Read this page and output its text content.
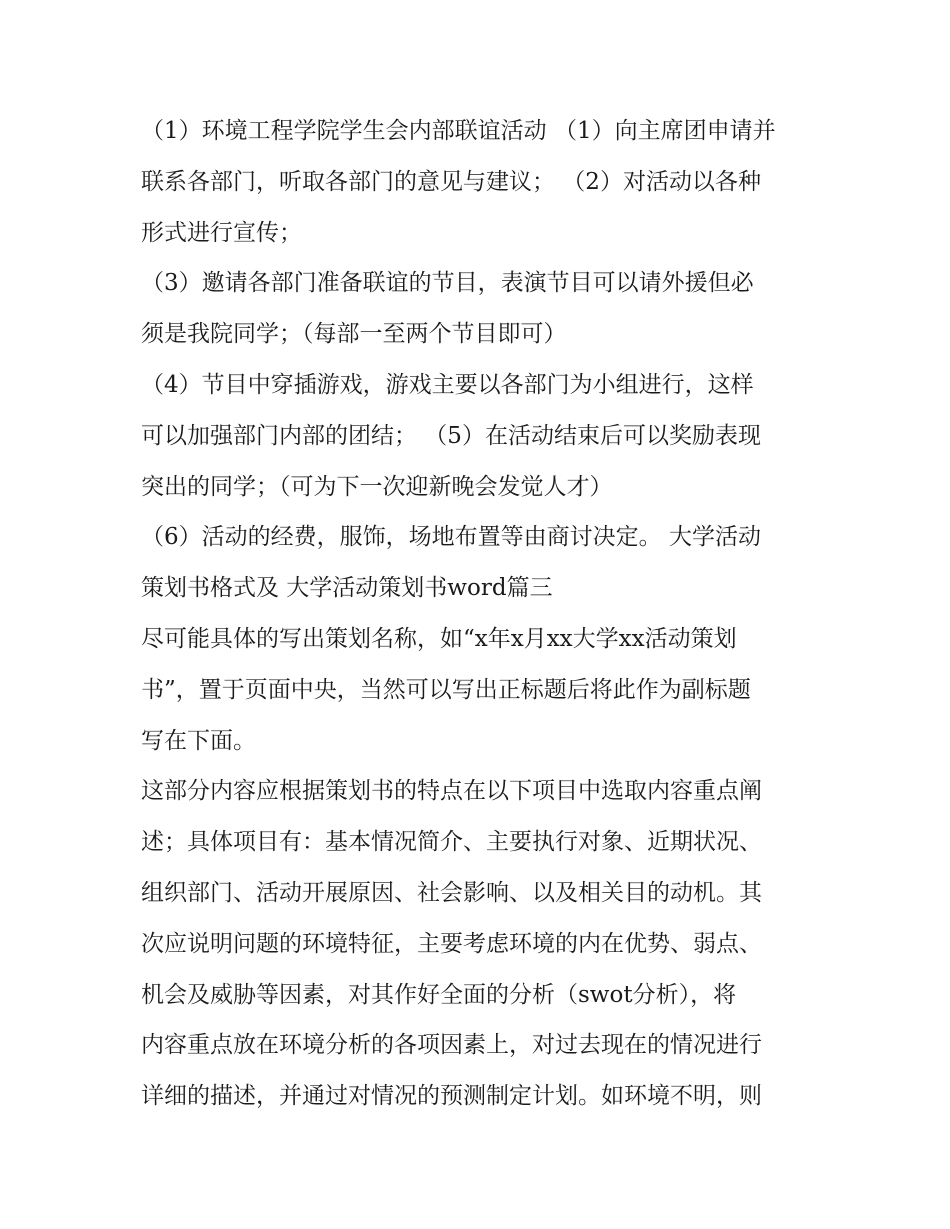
（1）环境工程学院学生会内部联谊活动 （1）向主席团申请并
联系各部门，听取各部门的意见与建议； （2）对活动以各种
形式进行宣传；
（3）邀请各部门准备联谊的节目，表演节目可以请外援但必
须是我院同学；（每部一至两个节目即可）
（4）节目中穿插游戏，游戏主要以各部门为小组进行，这样
可以加强部门内部的团结； （5）在活动结束后可以奖励表现
突出的同学；（可为下一次迎新晚会发觉人才）
（6）活动的经费，服饰，场地布置等由商讨决定。 大学活动
策划书格式及 大学活动策划书word篇三
尽可能具体的写出策划名称，如“x年x月xx大学xx活动策划
书”，置于页面中央，当然可以写出正标题后将此作为副标题
写在下面。
这部分内容应根据策划书的特点在以下项目中选取内容重点阐
述；具体项目有：基本情况简介、主要执行对象、近期状况、
组织部门、活动开展原因、社会影响、以及相关目的动机。其
次应说明问题的环境特征，主要考虑环境的内在优势、弱点、
机会及威胁等因素，对其作好全面的分析（swot分析），将
内容重点放在环境分析的各项因素上，对过去现在的情况进行
详细的描述，并通过对情况的预测制定计划。如环境不明，则
